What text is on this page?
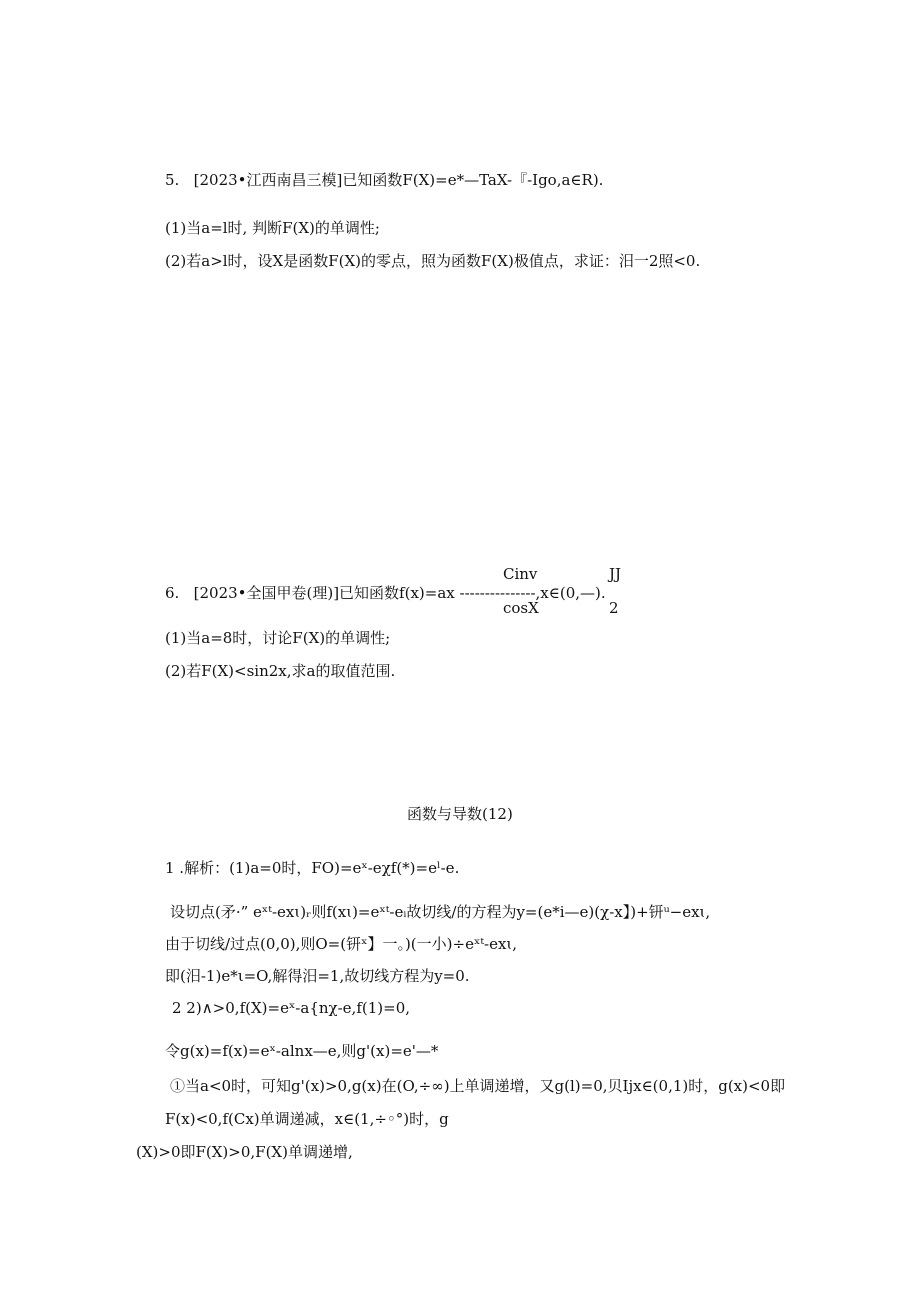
5. [2023•江西南昌三模]已知函数F(X)=e*—TaX-『-Igo,a∈R).
(1)当a=l时, 判断F(X)的单调性;
(2)若a>l时，设X是函数F(X)的零点，照为函数F(X)极值点，求证：汨一2照<0.
Cinv	JJ
6. [2023•全国甲卷(理)]已知函数f(x)=ax ---------------,x∈(0,—).
cosX	2
(1)当a=8时，讨论F(X)的单调性;
(2)若F(X)<sin2x,求a的取值范围.
函数与导数(12)
1 .解析：(1)a=0时，FO)=eˣ-eχf(*)=eˡ-e.
设切点(矛·” eˣᵗ-exɩ)ᵣ则f(xɩ)=eˣᵗ-eᵢ故切线/的方程为y=(e*i—e)(χ-x】)+钘ᵘ−exɩ,
由于切线/过点(0,0),则O=(钘ˣ】一。)(一小)÷eˣᵗ-exɩ,
即(汨-1)e*ι=O,解得汨=1,故切线方程为y=0.
2 2)∧>0,f(X)=eˣ-a{nχ-e,f(1)=0,
令g(x)=f(x)=eˣ-alnx—e,则g'(x)=e'—*
①当a<0时，可知g'(x)>0,g(x)在(O,÷∞)上单调递增，又g(l)=0,贝Ijx∈(0,1)时，g(x)<0即
F(x)<0,f(Cx)单调递减，x∈(1,÷◦°)时，g
(X)>0即F(X)>0,F(X)单调递增,
